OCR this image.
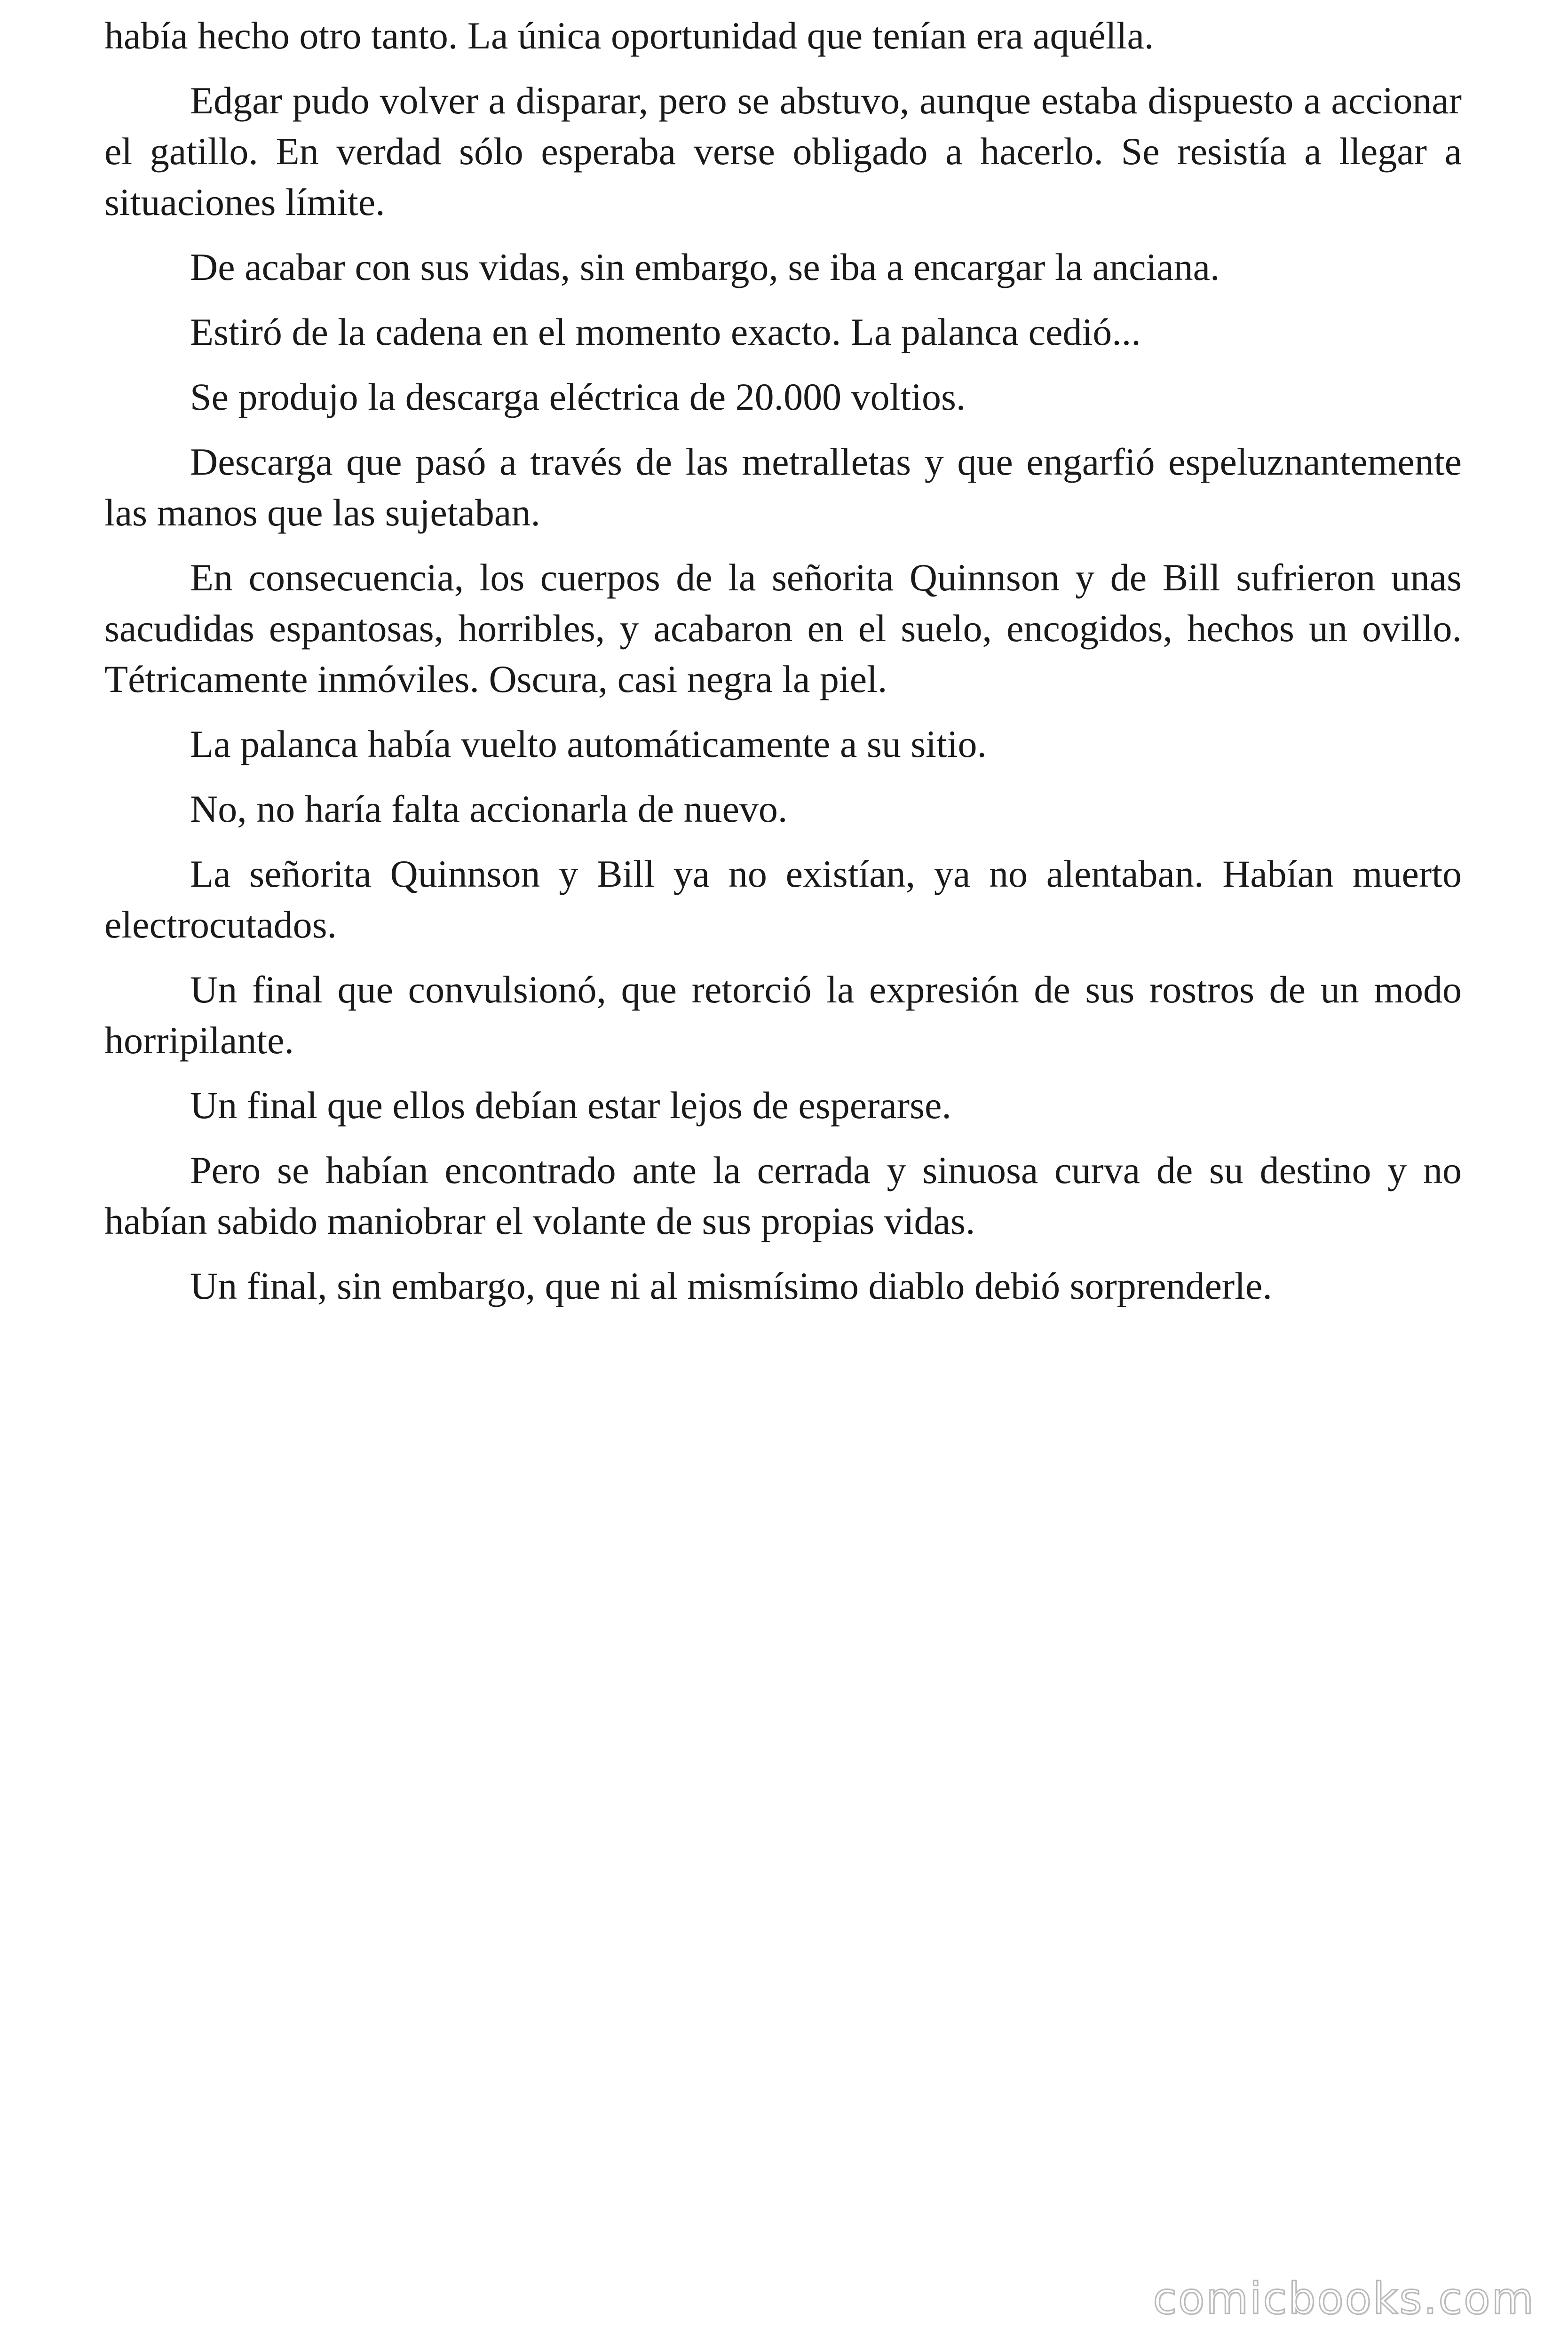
había hecho otro tanto. La única oportunidad que tenían era aquélla.

Edgar pudo volver a disparar, pero se abstuvo, aunque estaba dispuesto a accionar el gatillo. En verdad sólo esperaba verse obligado a hacerlo. Se resistía a llegar a situaciones límite.

De acabar con sus vidas, sin embargo, se iba a encargar la anciana.

Estiró de la cadena en el momento exacto. La palanca cedió...

Se produjo la descarga eléctrica de 20.000 voltios.

Descarga que pasó a través de las metralletas y que engarfió espeluznantemente las manos que las sujetaban.

En consecuencia, los cuerpos de la señorita Quinnson y de Bill sufrieron unas sacudidas espantosas, horribles, y acabaron en el suelo, encogidos, hechos un ovillo. Tétricamente inmóviles. Oscura, casi negra la piel.

La palanca había vuelto automáticamente a su sitio.

No, no haría falta accionarla de nuevo.

La señorita Quinnson y Bill ya no existían, ya no alentaban. Habían muerto electrocutados.

Un final que convulsionó, que retorció la expresión de sus rostros de un modo horripilante.

Un final que ellos debían estar lejos de esperarse.

Pero se habían encontrado ante la cerrada y sinuosa curva de su destino y no habían sabido maniobrar el volante de sus propias vidas.

Un final, sin embargo, que ni al mismísimo diablo debió sorprenderle.

comicbooks.com
